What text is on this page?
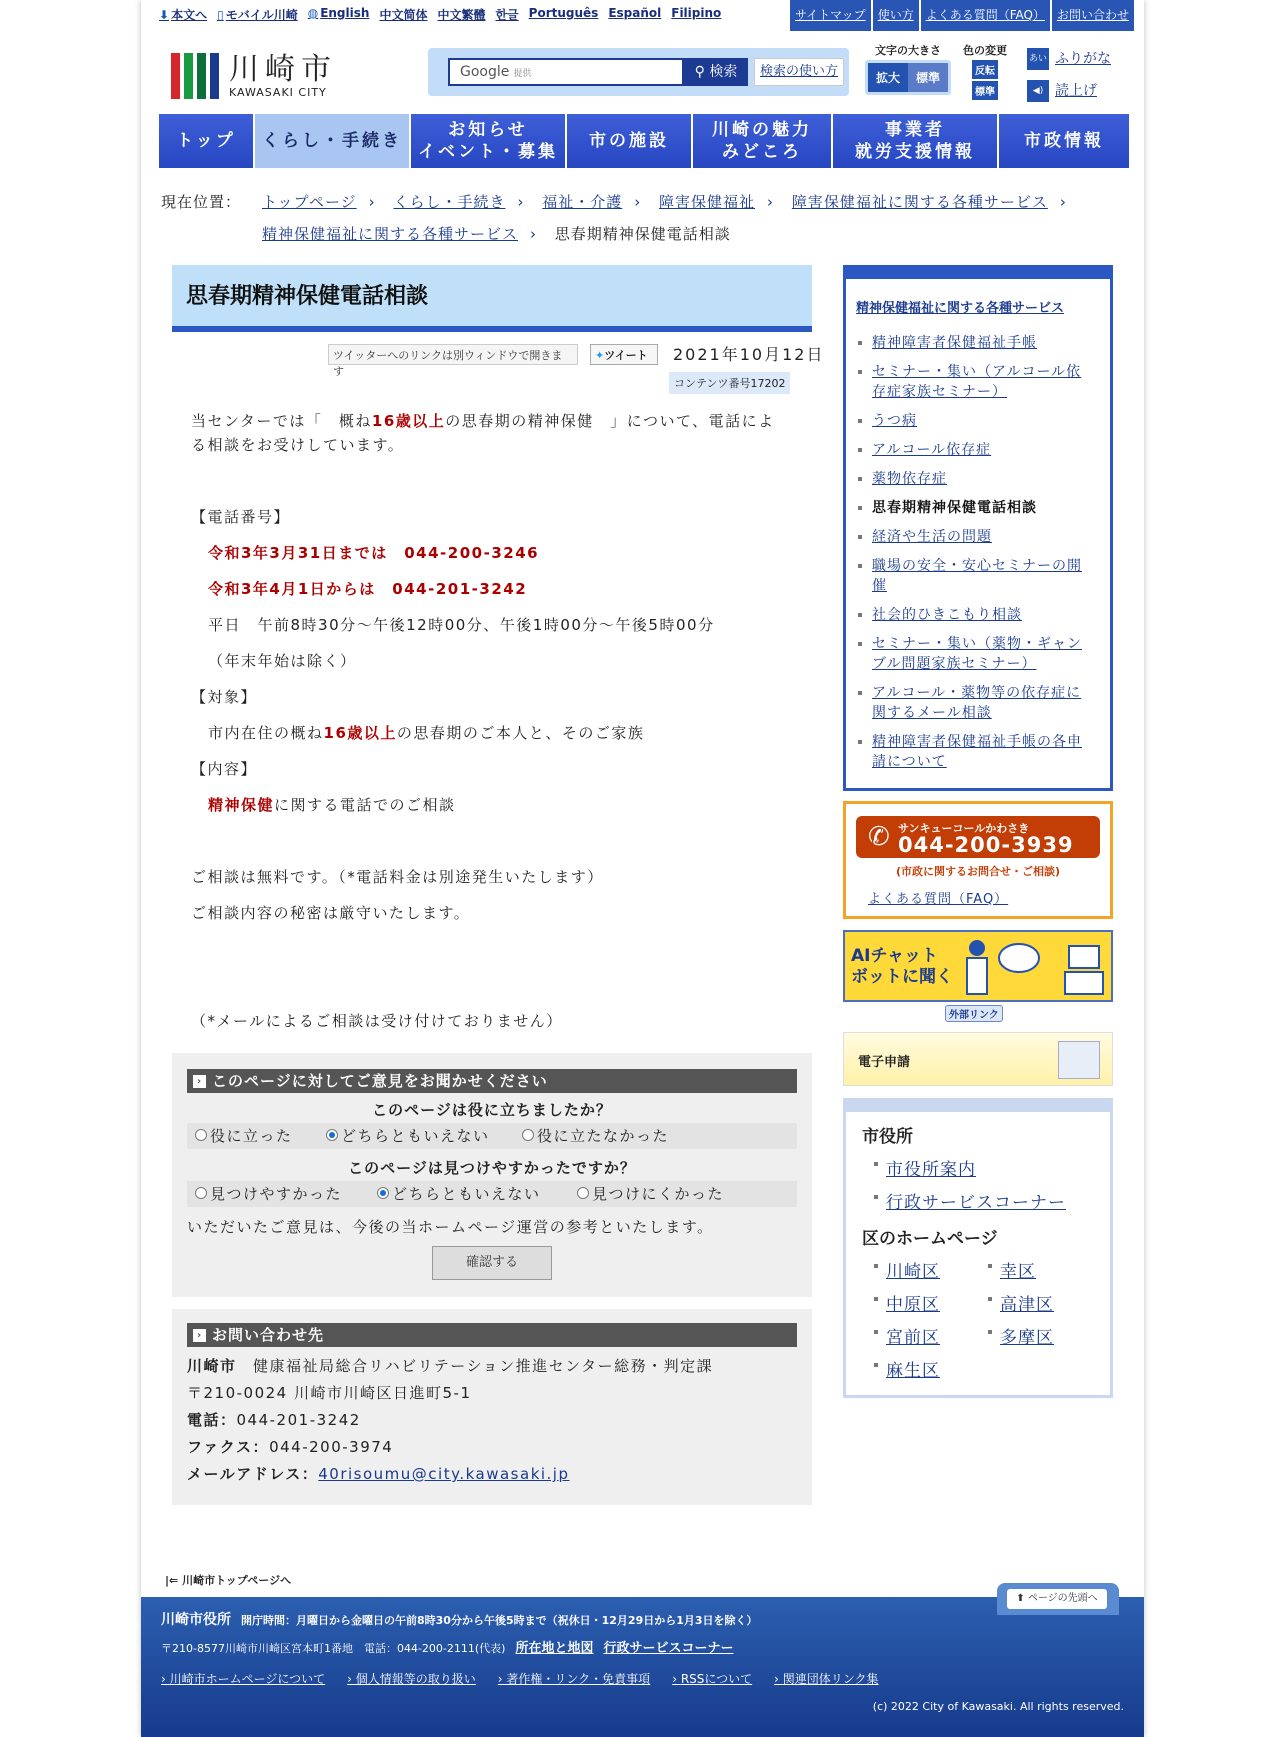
⬇ 本文へ ▯ モバイル川崎 ◍ English 中文简体 中文繁體 한글 Português Español Filipino	サイトマップ	使い方	よくある質問（FAQ）	お問い合わせ
川崎市
KAWASAKI CITY
Google 提供	⚲ 検索	検索の使い方
文字の大きさ
拡大 標準
色の変更
反転
標準
あい ふりがな
◀) 読上げ
トップ	くらし・手続き
お知らせ
イベント・募集
市の施設
川崎の魅力
みどころ
事業者
就労支援情報
市政情報
現在位置： トップページ › くらし・手続き › 福祉・介護 › 障害保健福祉 › 障害保健福祉に関する各種サービス ›
精神保健福祉に関する各種サービス › 思春期精神保健電話相談
思春期精神保健電話相談
ツイッターへのリンクは別ウィンドウで開きます
✦ツイート	2021年10月12日
コンテンツ番号17202
当センターでは「　概ね16歳以上の思春期の精神保健　」について、電話によ
る相談をお受けしています。
【電話番号】
令和3年3月31日までは　044-200-3246
令和3年4月1日からは　044-201-3242
平日　午前8時30分～午後12時00分、午後1時00分～午後5時00分
（年末年始は除く）
【対象】
市内在住の概ね16歳以上の思春期のご本人と、そのご家族
【内容】
精神保健に関する電話でのご相談
ご相談は無料です。（*電話料金は別途発生いたします）
ご相談内容の秘密は厳守いたします。
（*メールによるご相談は受け付けておりません）
› このページに対してご意見をお聞かせください
このページは役に立ちましたか？
役に立った	どちらともいえない	役に立たなかった
このページは見つけやすかったですか？
見つけやすかった	どちらともいえない	見つけにくかった
いただいたご意見は、今後の当ホームページ運営の参考といたします。
確認する
› お問い合わせ先
川崎市　 健康福祉局総合リハビリテーション推進センター総務・判定課
〒210-0024 川崎市川崎区日進町5-1
電話：044-201-3242
ファクス：044-200-3974
メールアドレス：40risoumu@city.kawasaki.jp
精神保健福祉に関する各種サービス
精神障害者保健福祉手帳
セミナー・集い（アルコール依存症家族セミナー）
うつ病
アルコール依存症
薬物依存症
思春期精神保健電話相談
経済や生活の問題
職場の安全・安心セミナーの開催
社会的ひきこもり相談
セミナー・集い（薬物・ギャンブル問題家族セミナー）
アルコール・薬物等の依存症に関するメール相談
精神障害者保健福祉手帳の各申請について
✆ サンキューコールかわさき
044-200-3939
(市政に関するお問合せ・ご相談)
よくある質問（FAQ）
AIチャット
ボットに聞く
外部リンク
電子申請
市役所
市役所案内
行政サービスコーナー
区のホームページ
川崎区	幸区
中原区	高津区
宮前区	多摩区
麻生区
|⇐ 川崎市トップページへ
⬆ ページの先頭へ
川崎市役所 開庁時間：月曜日から金曜日の午前8時30分から午後5時まで（祝休日・12月29日から1月3日を除く）
〒210-8577川崎市川崎区宮本町1番地　電話：044-200-2111(代表) 所在地と地図 行政サービスコーナー
› 川崎市ホームページについて › 個人情報等の取り扱い › 著作権・リンク・免責事項 › RSSについて › 関連団体リンク集
(c) 2022 City of Kawasaki. All rights reserved.
